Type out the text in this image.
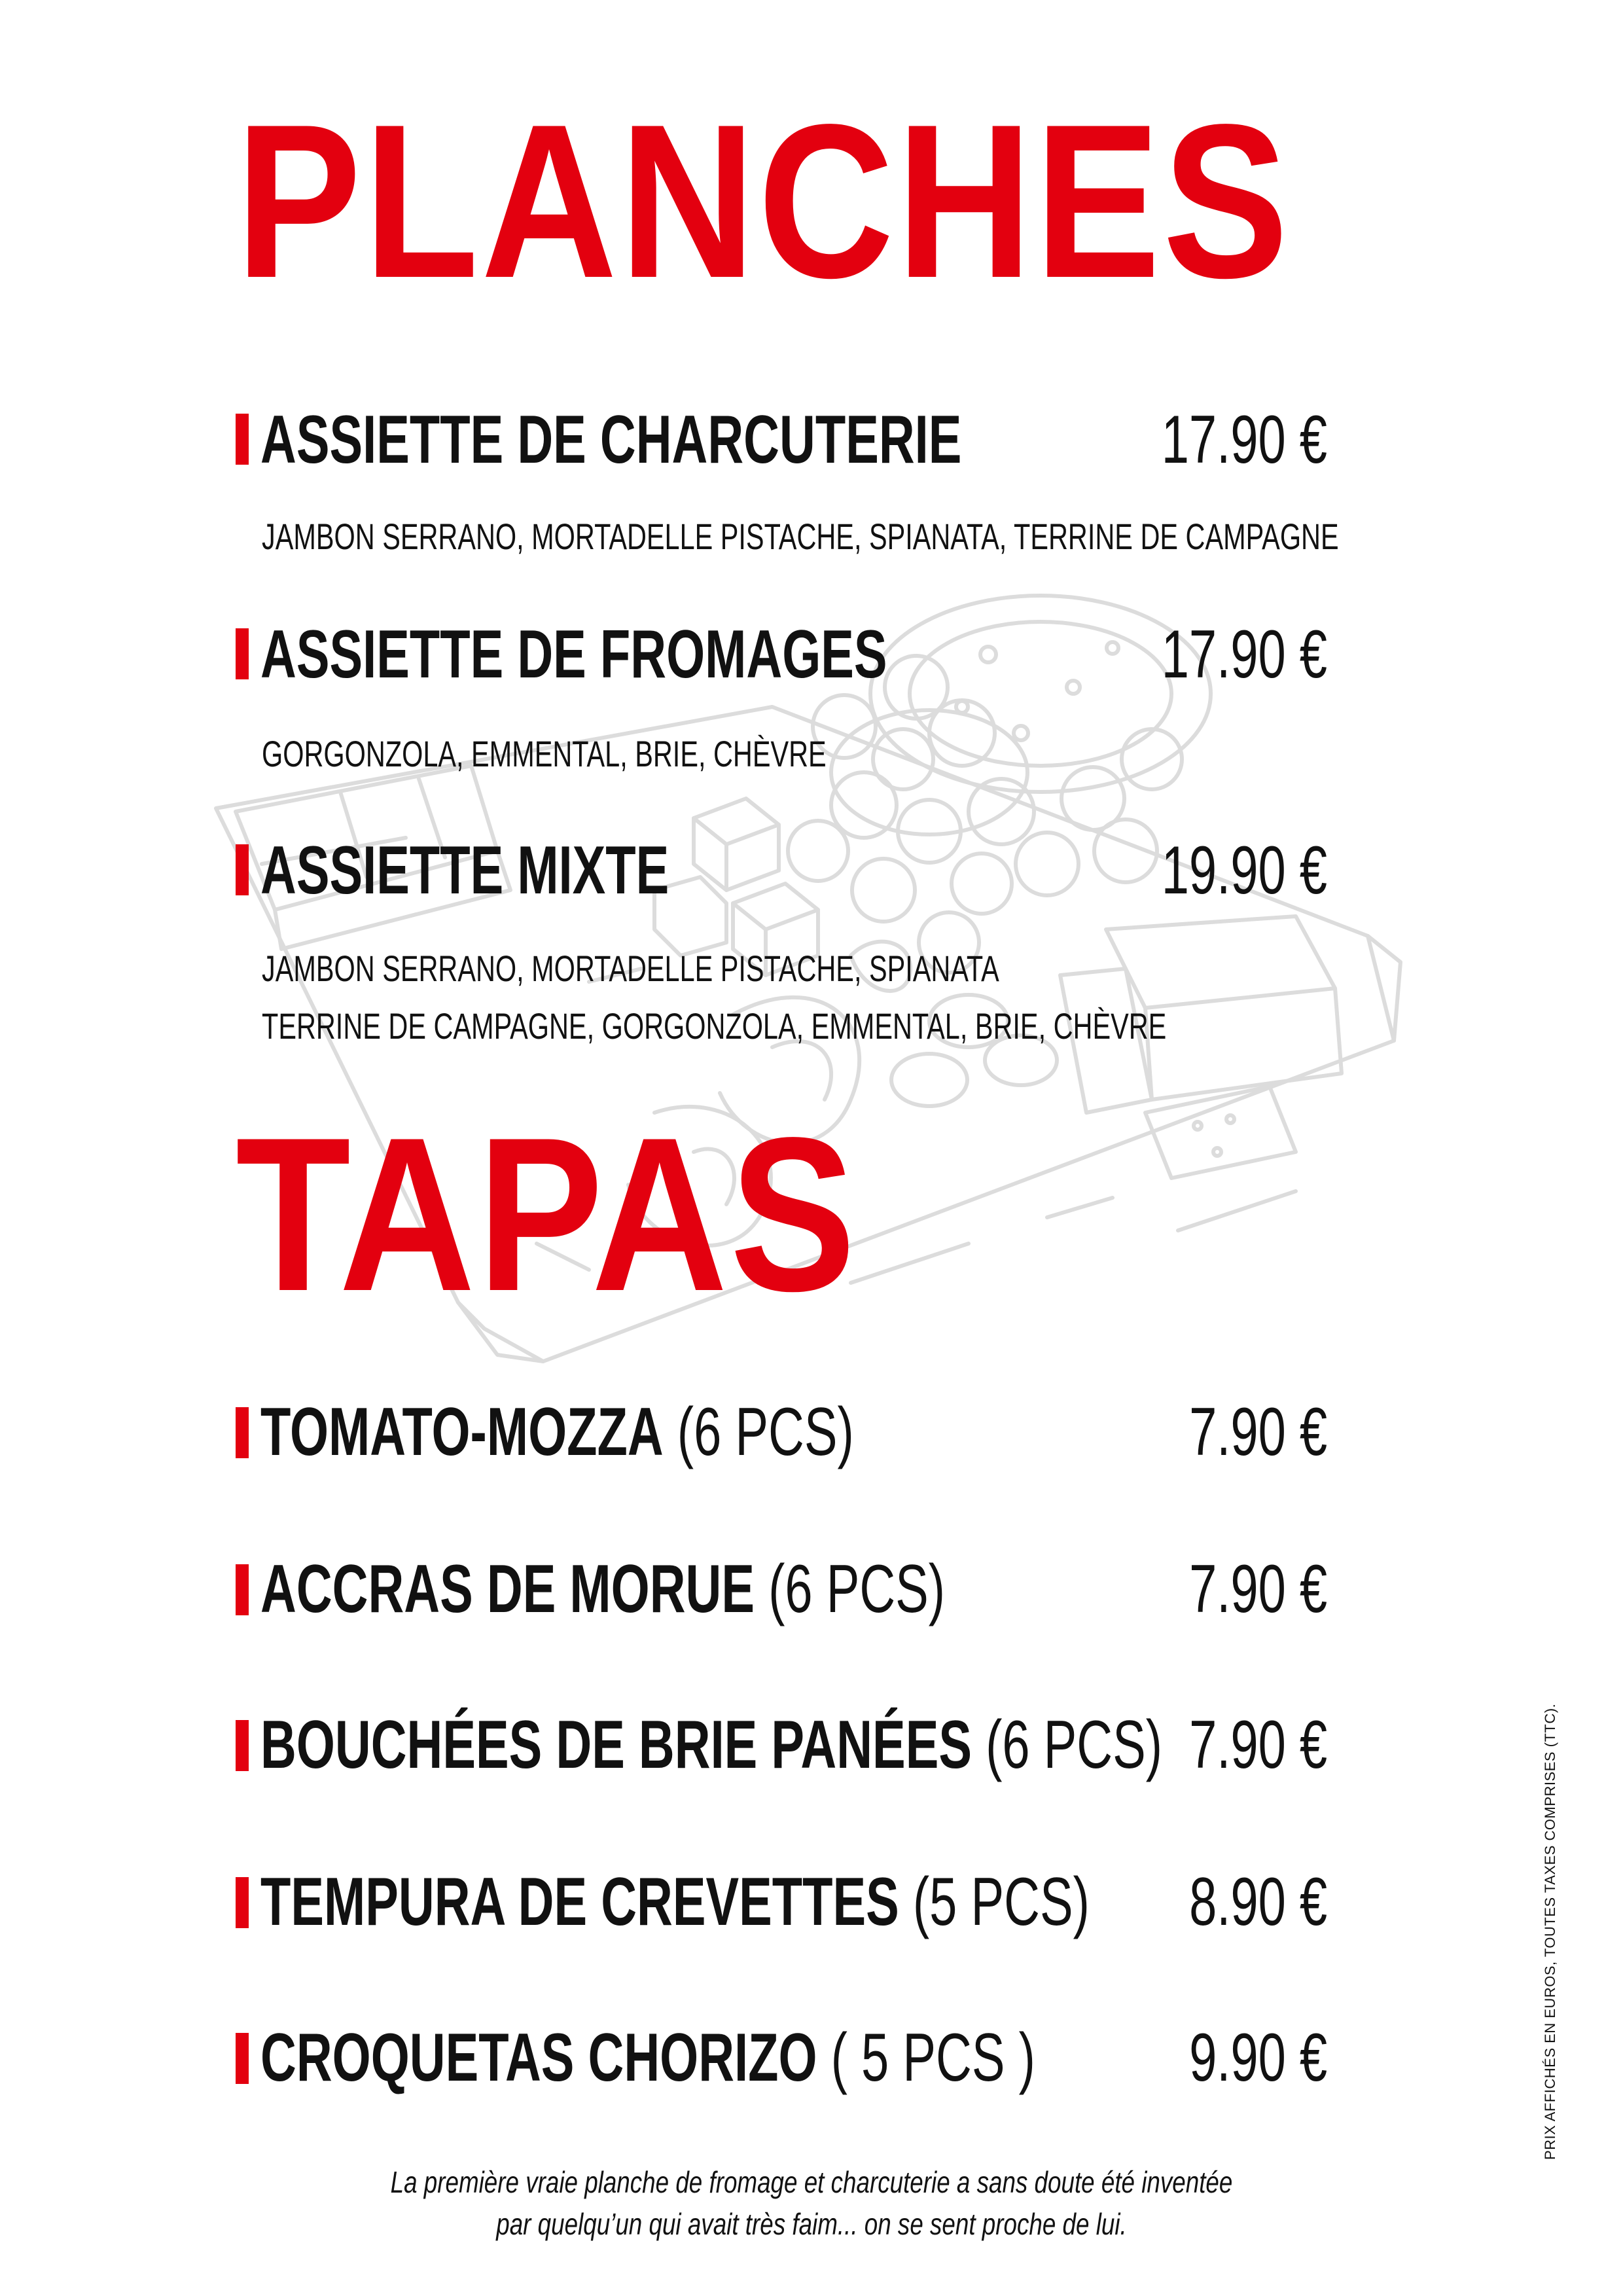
PLANCHES
ASSIETTE DE CHARCUTERIE	17.90 €

JAMBON SERRANO, MORTADELLE PISTACHE, SPIANATA, TERRINE DE CAMPAGNE

ASSIETTE DE FROMAGES	17.90 €

GORGONZOLA, EMMENTAL, BRIE, CHÈVRE

ASSIETTE MIXTE	19.90 €

JAMBON SERRANO, MORTADELLE PISTACHE, SPIANATA

TERRINE DE CAMPAGNE, GORGONZOLA, EMMENTAL, BRIE, CHÈVRE

TAPAS
TOMATO-MOZZA (6 PCS)	7.90 €
ACCRAS DE MORUE (6 PCS)	7.90 €
BOUCHÉES DE BRIE PANÉES (6 PCS) 7.90 €
TEMPURA DE CREVETTES (5 PCS) 8.90 €
CROQUETAS CHORIZO ( 5 PCS ) 9.90 €

La première vraie planche de fromage et charcuterie a sans doute été inventée

par quelqu’un qui avait très faim... on se sent proche de lui.

PRIX AFFICHÉS EN EUROS, TOUTES TAXES COMPRISES (TTC).
